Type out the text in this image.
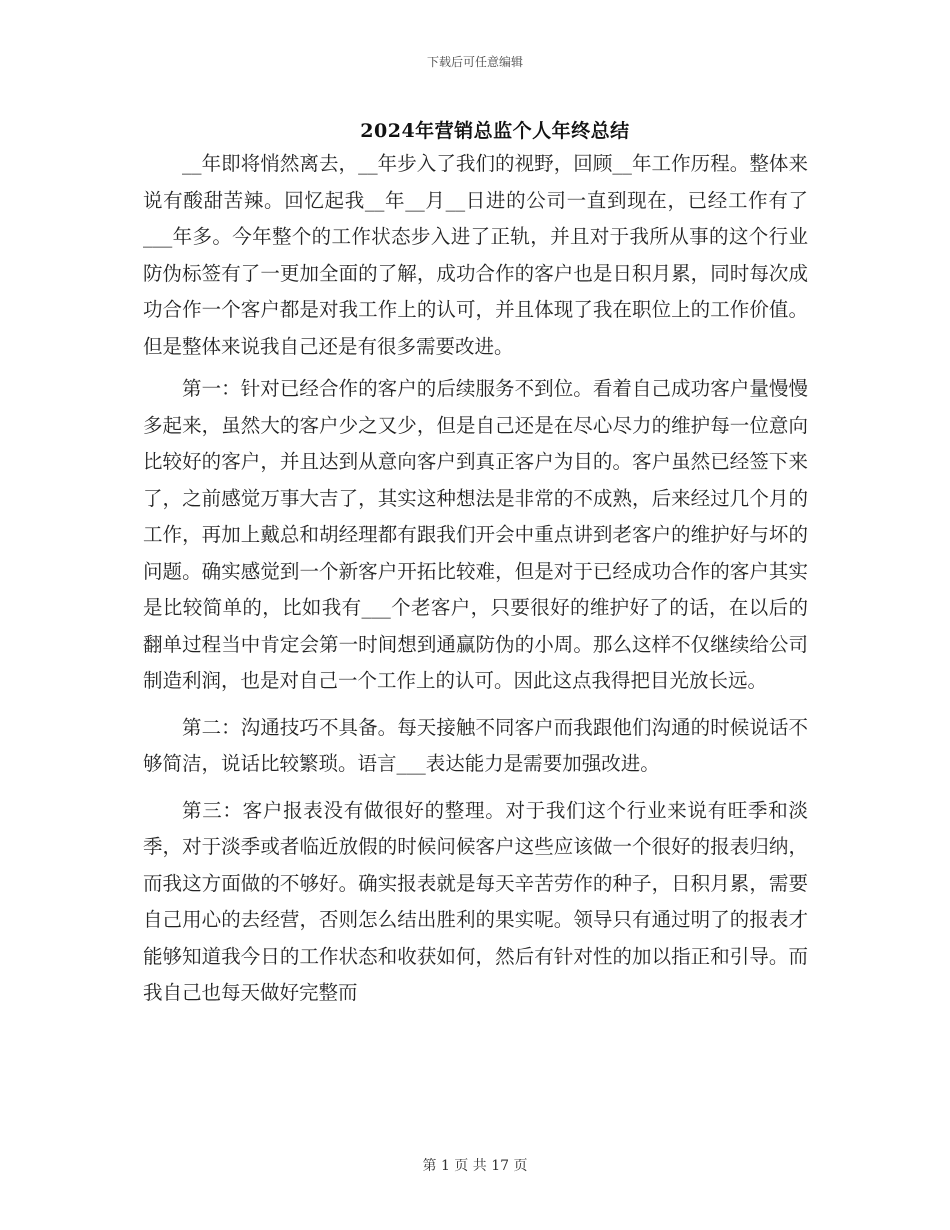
下载后可任意编辑
2024年营销总监个人年终总结

__年即将悄然离去，__年步入了我们的视野，回顾__年工作历程。整体来说有酸甜苦辣。回忆起我__年__月__日进的公司一直到现在，已经工作有了___年多。今年整个的工作状态步入进了正轨，并且对于我所从事的这个行业防伪标签有了一更加全面的了解，成功合作的客户也是日积月累，同时每次成功合作一个客户都是对我工作上的认可，并且体现了我在职位上的工作价值。但是整体来说我自己还是有很多需要改进。

第一：针对已经合作的客户的后续服务不到位。看着自己成功客户量慢慢多起来，虽然大的客户少之又少，但是自己还是在尽心尽力的维护每一位意向比较好的客户，并且达到从意向客户到真正客户为目的。客户虽然已经签下来了，之前感觉万事大吉了，其实这种想法是非常的不成熟，后来经过几个月的工作，再加上戴总和胡经理都有跟我们开会中重点讲到老客户的维护好与坏的问题。确实感觉到一个新客户开拓比较难，但是对于已经成功合作的客户其实是比较简单的，比如我有___个老客户，只要很好的维护好了的话，在以后的翻单过程当中肯定会第一时间想到通赢防伪的小周。那么这样不仅继续给公司制造利润，也是对自己一个工作上的认可。因此这点我得把目光放长远。

第二：沟通技巧不具备。每天接触不同客户而我跟他们沟通的时候说话不够简洁，说话比较繁琐。语言___表达能力是需要加强改进。

第三：客户报表没有做很好的整理。对于我们这个行业来说有旺季和淡季，对于淡季或者临近放假的时候问候客户这些应该做一个很好的报表归纳，而我这方面做的不够好。确实报表就是每天辛苦劳作的种子，日积月累，需要自己用心的去经营，否则怎么结出胜利的果实呢。领导只有通过明了的报表才能够知道我今日的工作状态和收获如何，然后有针对性的加以指正和引导。而我自己也每天做好完整而

第 1 页 共 17 页
